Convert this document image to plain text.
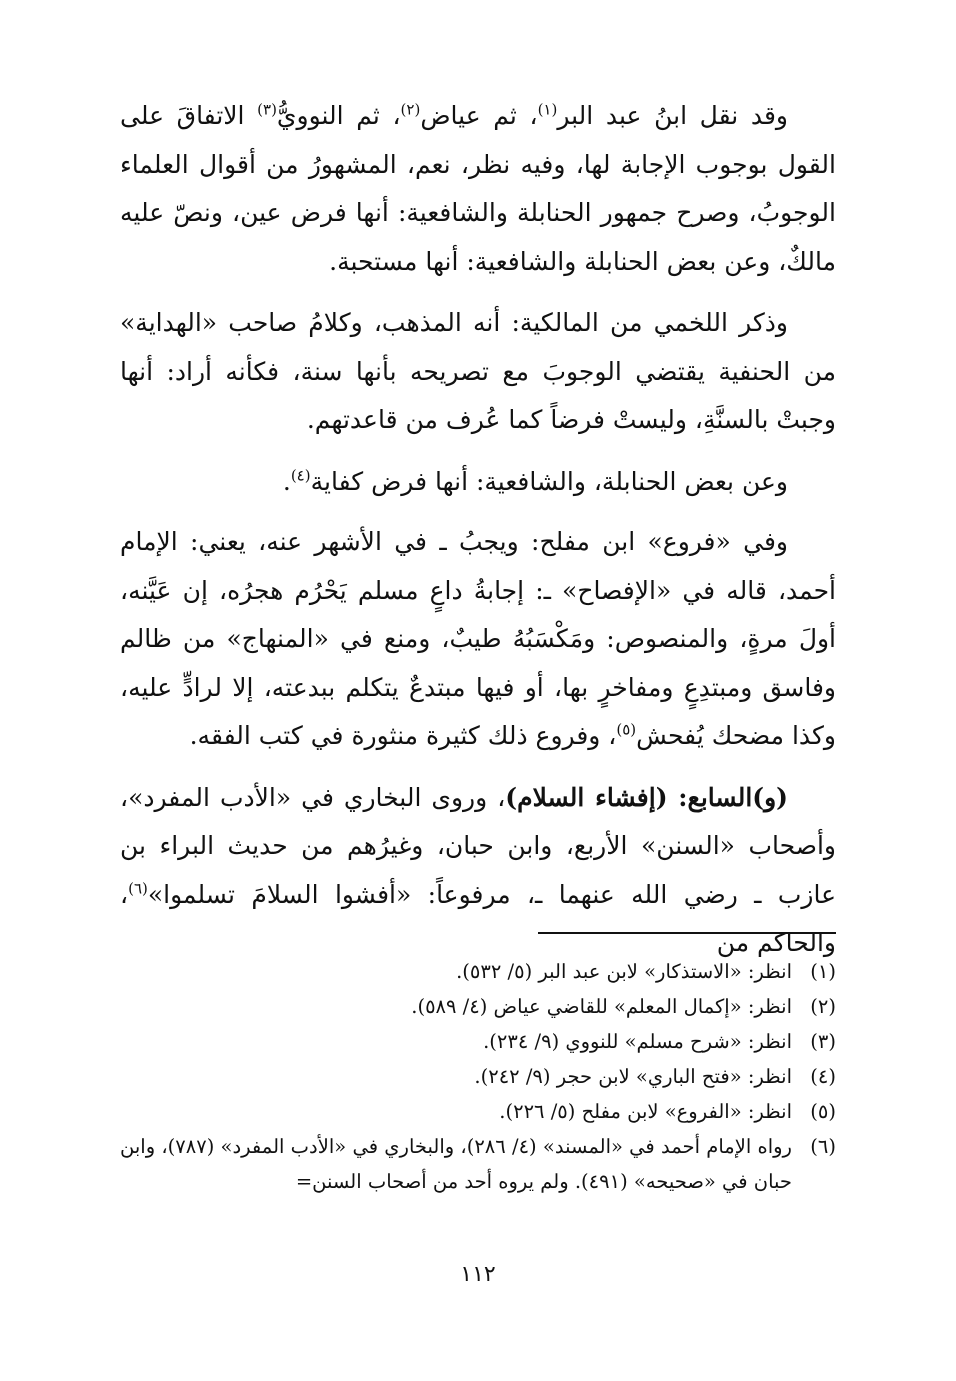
وقد نقل ابنُ عبد البر$^{(١)}$، ثم عياض$^{(٢)}$، ثم النوويُّ$^{(٣)}$ الاتفاقَ على القول بوجوب الإجابة لها، وفيه نظر، نعم، المشهورُ من أقوال العلماء الوجوبُ، وصرح جمهور الحنابلة والشافعية: أنها فرض عين، ونصّ عليه مالكٌ، وعن بعض الحنابلة والشافعية: أنها مستحبة.

وذكر اللخمي من المالكية: أنه المذهب، وكلامُ صاحب «الهداية» من الحنفية يقتضي الوجوبَ مع تصريحه بأنها سنة، فكأنه أراد: أنها وجبتْ بالسنَّةِ، وليستْ فرضاً كما عُرف من قاعدتهم.

وعن بعض الحنابلة، والشافعية: أنها فرض كفاية$^{(٤)}$.

وفي «فروع» ابن مفلح: ويجبُ ـ في الأشهر عنه، يعني: الإمام أحمد، قاله في «الإفصاح» ـ: إجابةُ داعٍ مسلم يَحْرُم هجرُه، إن عَيَّنه، أولَ مرةٍ، والمنصوص: ومَكْسَبُهُ طيبٌ، ومنع في «المنهاج» من ظالم وفاسق ومبتدِعٍ ومفاخرٍ بها، أو فيها مبتدعٌ يتكلم ببدعته، إلا لرادٍّ عليه، وكذا مضحك يُفحش$^{(٥)}$، وفروع ذلك كثيرة منثورة في كتب الفقه.

(و)السابع: (إفشاء السلام)، وروى البخاري في «الأدب المفرد»، وأصحاب «السنن» الأربع، وابن حبان، وغيرُهم من حديث البراء بن عازب ـ رضي الله عنهما ـ، مرفوعاً: «أفشوا السلامَ تسلموا»$^{(٦)}$، والحاكم من

(١)
انظر: «الاستذكار» لابن عبد البر (٥/ ٥٣٢).
(٢)
انظر: «إكمال المعلم» للقاضي عياض (٤/ ٥٨٩).
(٣)
انظر: «شرح مسلم» للنووي (٩/ ٢٣٤).
(٤)
انظر: «فتح الباري» لابن حجر (٩/ ٢٤٢).
(٥)
انظر: «الفروع» لابن مفلح (٥/ ٢٢٦).
(٦)
رواه الإمام أحمد في «المسند» (٤/ ٢٨٦)، والبخاري في «الأدب المفرد» (٧٨٧)، وابن حبان في «صحيحه» (٤٩١). ولم يروه أحد من أصحاب السنن=
١١٢
